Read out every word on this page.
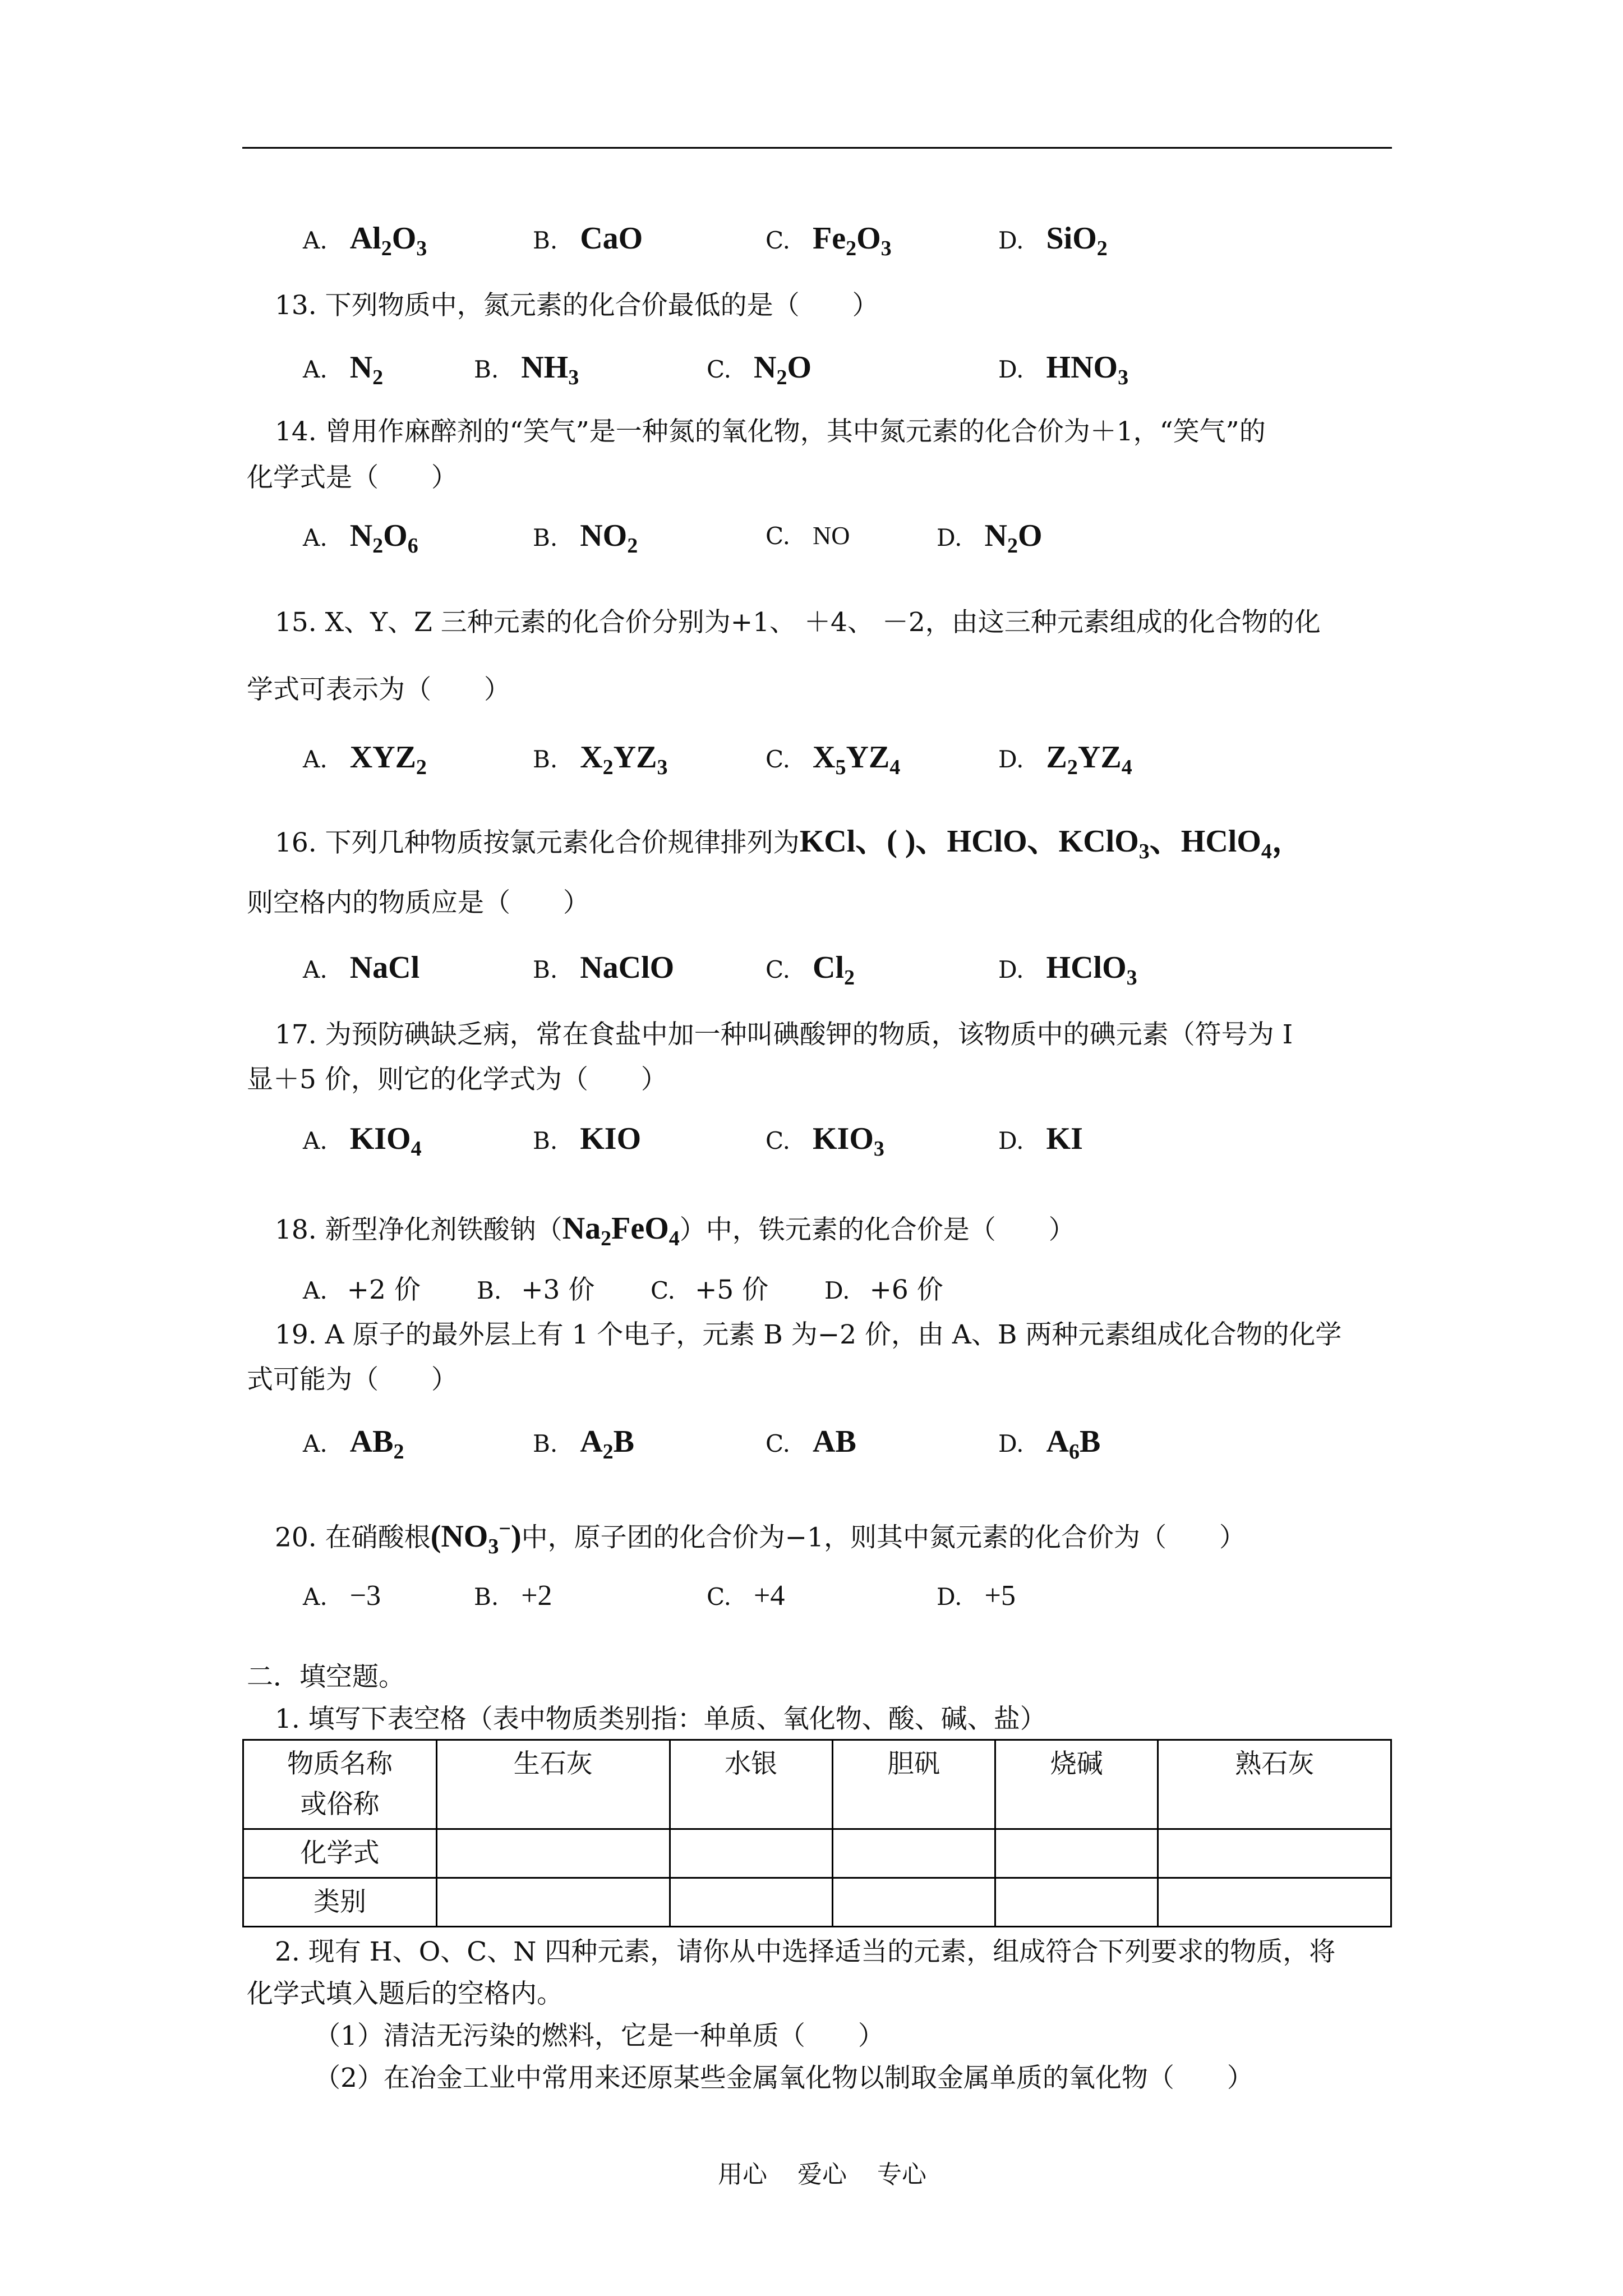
A. $Al_2O_3$	B. CaO	C. $Fe_2O_3$	D. SiO$_2$
13. 下列物质中，氮元素的化合价最低的是（　　）
A. $N_2$	B. $NH_3$	C. $N_2O$	D. $HNO_3$
14. 曾用作麻醉剂的“笑气”是一种氮的氧化物，其中氮元素的化合价为＋1，“笑气”的
化学式是（　　）
A. $N_2O_6$	B. $NO_2$	C. NO	D. $N_2O$
15. X、Y、Z 三种元素的化合价分别为+1、 ＋4、 －2，由这三种元素组成的化合物的化
学式可表示为（　　）
A. $XYZ_2$	B. $X_2YZ_3$	C. $X_5YZ_4$	D. $Z_2YZ_4$
16. 下列几种物质按氯元素化合价规律排列为KCl、( )、HClO、KClO$_3$、HClO$_4$，
则空格内的物质应是（　　）
A. NaCl	B. NaClO	C. $Cl_2$	D. HClO$_3$
17. 为预防碘缺乏病，常在食盐中加一种叫碘酸钾的物质，该物质中的碘元素（符号为 I
显＋5 价，则它的化学式为（　　）
A. $KIO_4$	B. KIO	C. $KIO_3$	D. KI
18. 新型净化剂铁酸钠$(Na_2FeO_4)$中，铁元素的化合价是（　　）
A. +2 价 B. +3 价 C. +5 价 D. +6 价
19. A 原子的最外层上有 1 个电子，元素 B 为−2 价，由 A、B 两种元素组成化合物的化学
式可能为（　　）
A. $AB_2$	B. $A_2B$	C. AB	D. $A_6B$
20. 在硝酸根$(NO_3^-)$中，原子团的化合价为−1，则其中氮元素的化合价为（　　）
A. −3	B. +2	C. +4	D. +5
二．填空题。
1. 填写下表空格（表中物质类别指：单质、氧化物、酸、碱、盐）
物质名称
或俗称	生石灰	水银	胆矾	烧碱	熟石灰
化学式					
类别					
2. 现有 H、O、C、N 四种元素，请你从中选择适当的元素，组成符合下列要求的物质，将
化学式填入题后的空格内。
（1）清洁无污染的燃料，它是一种单质（　　）
（2）在冶金工业中常用来还原某些金属氧化物以制取金属单质的氧化物（　　）
用心 爱心 专心
